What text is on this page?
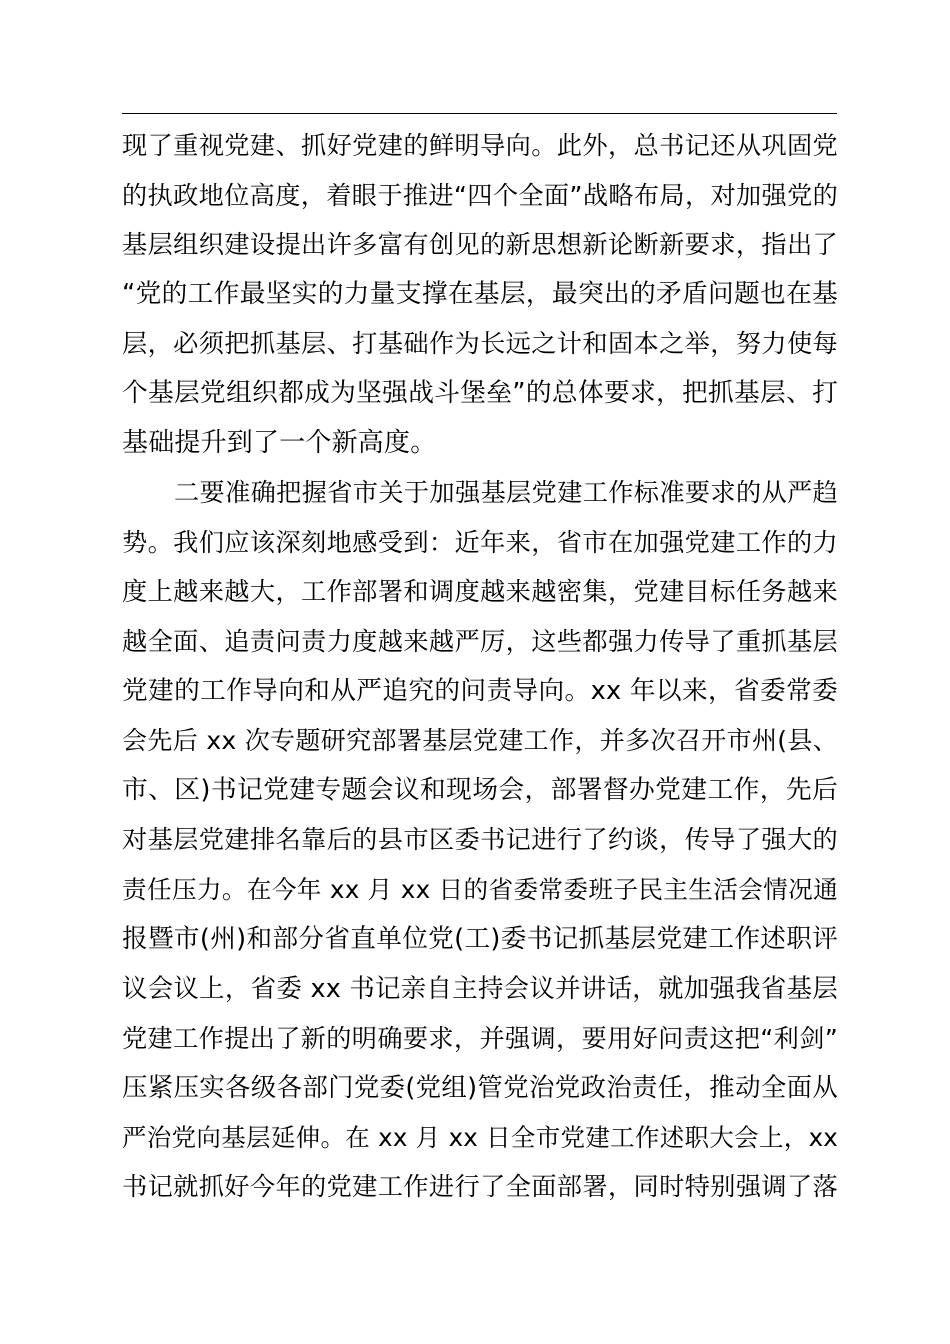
现了重视党建、抓好党建的鲜明导向。此外，总书记还从巩固党
的执政地位高度，着眼于推进“四个全面”战略布局，对加强党的
基层组织建设提出许多富有创见的新思想新论断新要求，指出了
“党的工作最坚实的力量支撑在基层，最突出的矛盾问题也在基
层，必须把抓基层、打基础作为长远之计和固本之举，努力使每
个基层党组织都成为坚强战斗堡垒”的总体要求，把抓基层、打
基础提升到了一个新高度。

二要准确把握省市关于加强基层党建工作标准要求的从严趋
势。我们应该深刻地感受到：近年来，省市在加强党建工作的力
度上越来越大，工作部署和调度越来越密集，党建目标任务越来
越全面、追责问责力度越来越严厉，这些都强力传导了重抓基层
党建的工作导向和从严追究的问责导向。xx 年以来，省委常委
会先后 xx 次专题研究部署基层党建工作，并多次召开市州(县、
市、区)书记党建专题会议和现场会，部署督办党建工作，先后
对基层党建排名靠后的县市区委书记进行了约谈，传导了强大的
责任压力。在今年 xx 月 xx 日的省委常委班子民主生活会情况通
报暨市(州)和部分省直单位党(工)委书记抓基层党建工作述职评
议会议上，省委 xx 书记亲自主持会议并讲话，就加强我省基层
党建工作提出了新的明确要求，并强调，要用好问责这把“利剑”
压紧压实各级各部门党委(党组)管党治党政治责任，推动全面从
严治党向基层延伸。在 xx 月 xx 日全市党建工作述职大会上，xx
书记就抓好今年的党建工作进行了全面部署，同时特别强调了落
